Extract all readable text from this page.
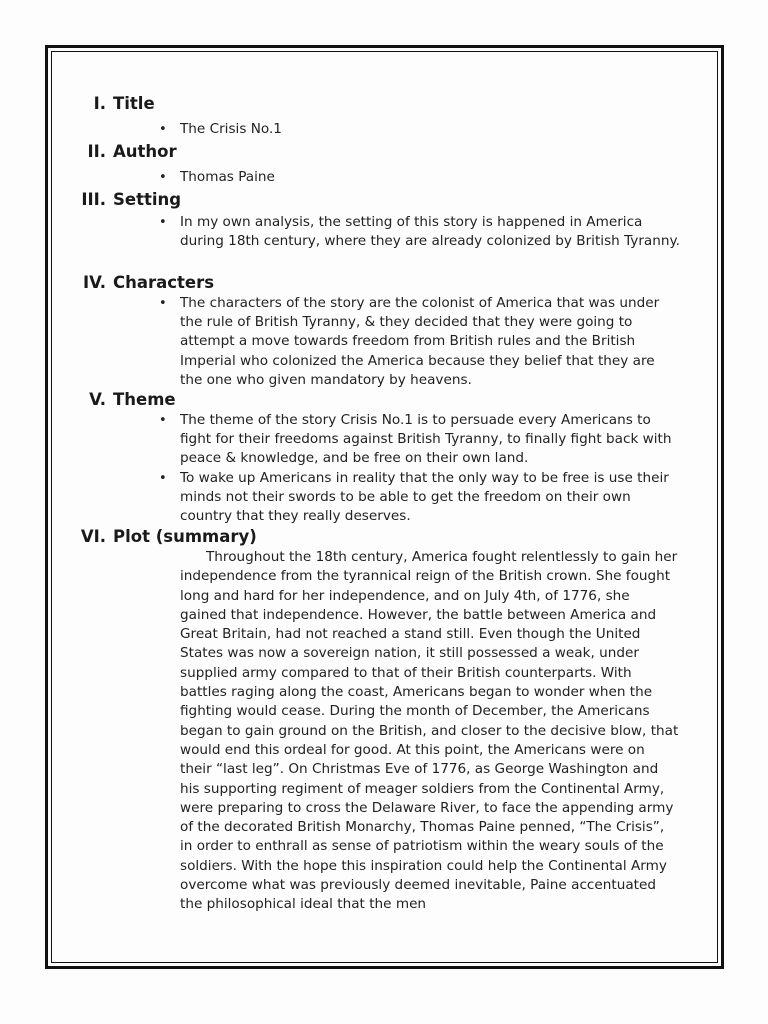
I. Title
• The Crisis No.1
II. Author
• Thomas Paine
III. Setting
• In my own analysis, the setting of this story is happened in America during 18th century, where they are already colonized by British Tyranny.
IV. Characters
• The characters of the story are the colonist of America that was under the rule of British Tyranny, & they decided that they were going to attempt a move towards freedom from British rules and the British Imperial who colonized the America because they belief that they are the one who given mandatory by heavens.
V. Theme
• The theme of the story Crisis No.1 is to persuade every Americans to fight for their freedoms against British Tyranny, to finally fight back with peace & knowledge, and be free on their own land.
• To wake up Americans in reality that the only way to be free is use their minds not their swords to be able to get the freedom on their own country that they really deserves.
VI. Plot (summary)

Throughout the 18th century, America fought relentlessly to gain her independence from the tyrannical reign of the British crown. She fought long and hard for her independence, and on July 4th, of 1776, she gained that independence. However, the battle between America and Great Britain, had not reached a stand still. Even though the United States was now a sovereign nation, it still possessed a weak, under supplied army compared to that of their British counterparts. With battles raging along the coast, Americans began to wonder when the fighting would cease. During the month of December, the Americans began to gain ground on the British, and closer to the decisive blow, that would end this ordeal for good. At this point, the Americans were on their “last leg”. On Christmas Eve of 1776, as George Washington and his supporting regiment of meager soldiers from the Continental Army, were preparing to cross the Delaware River, to face the appending army of the decorated British Monarchy, Thomas Paine penned, “The Crisis”, in order to enthrall as sense of patriotism within the weary souls of the soldiers. With the hope this inspiration could help the Continental Army overcome what was previously deemed inevitable, Paine accentuated the philosophical ideal that the men
